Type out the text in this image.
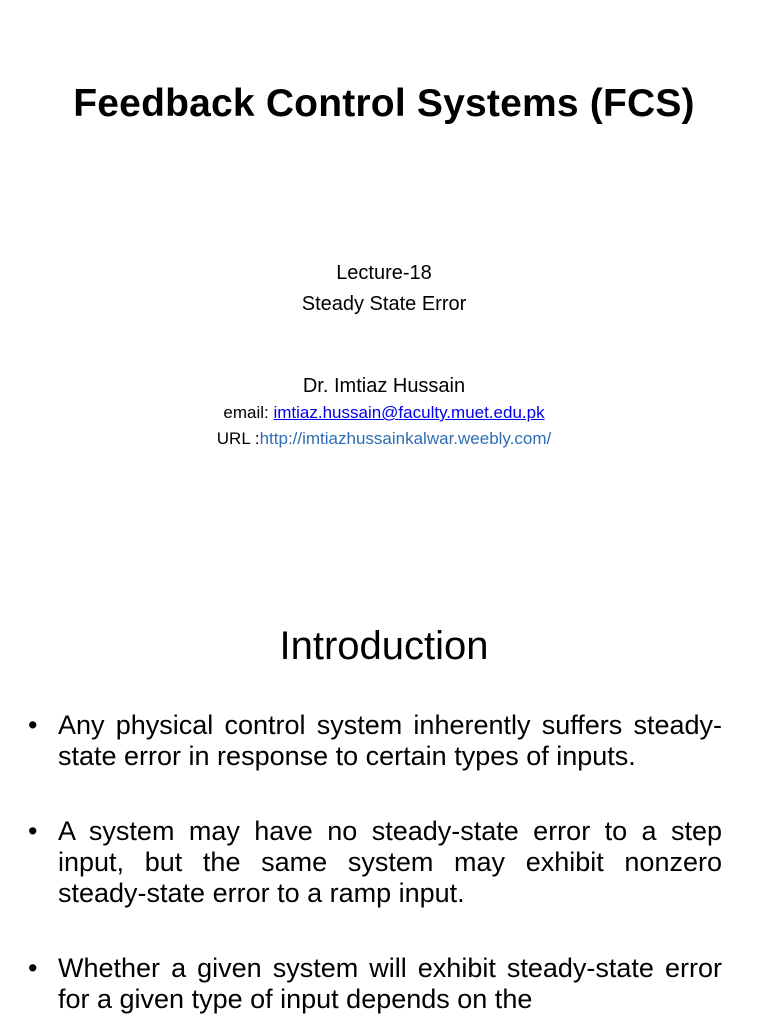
Feedback Control Systems (FCS)
Lecture-18
Steady State Error
Dr. Imtiaz Hussain
email: imtiaz.hussain@faculty.muet.edu.pk
URL :http://imtiazhussainkalwar.weebly.com/
Introduction
• Any physical control system inherently suffers steady-state error in response to certain types of inputs.
• A system may have no steady-state error to a step input, but the same system may exhibit nonzero steady-state error to a ramp input.
• Whether a given system will exhibit steady-state error for a given type of input depends on the
